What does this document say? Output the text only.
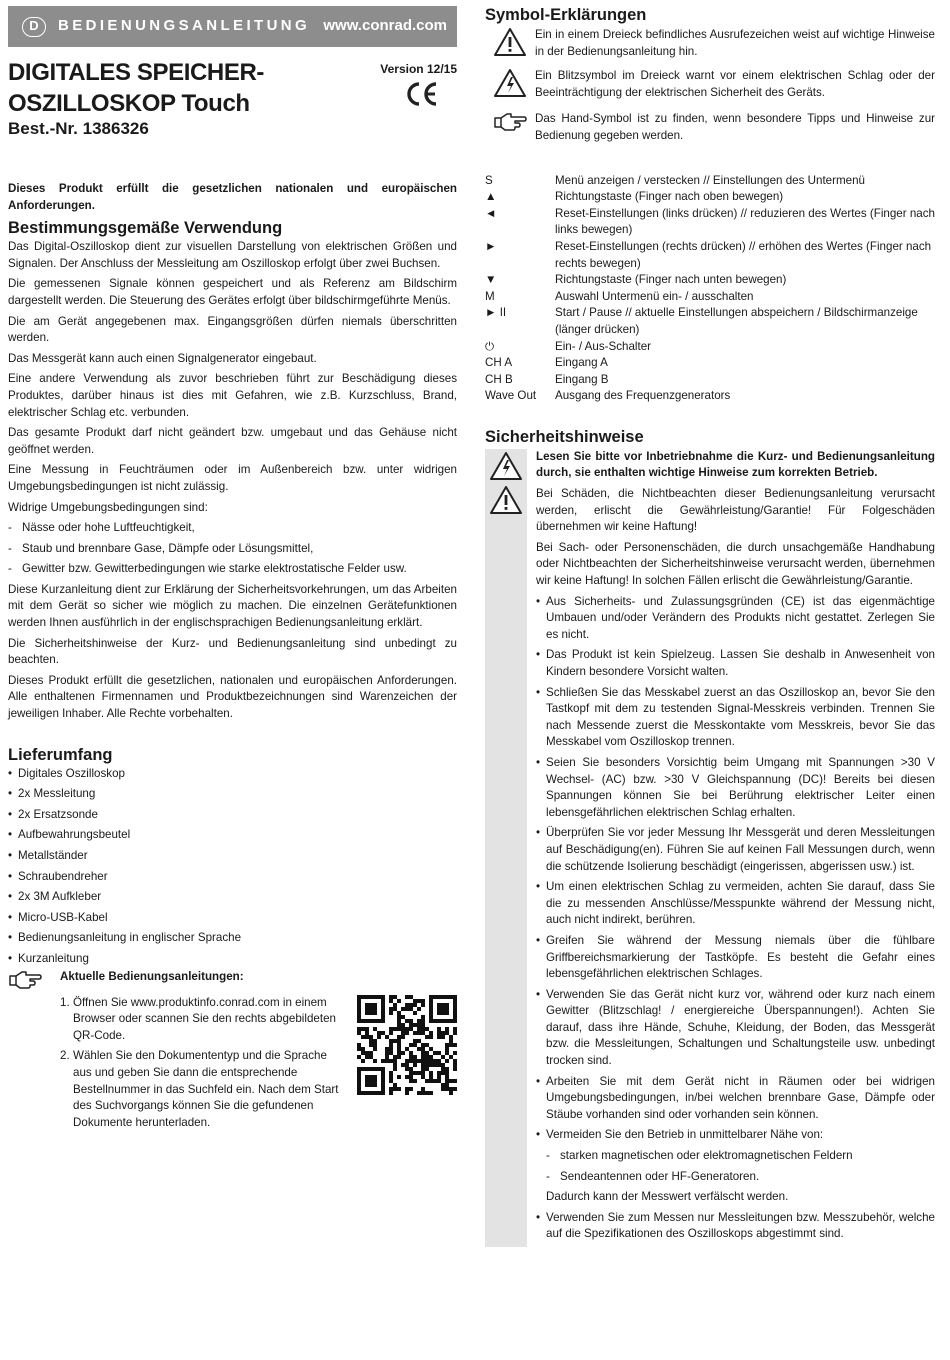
D	BEDIENUNGSANLEITUNG www.conrad.com
DIGITALES SPEICHER-
OSZILLOSKOP Touch
Best.-Nr. 1386326
Version 12/15

Dieses Produkt erfüllt die gesetzlichen nationalen und europäischen Anforderungen.

Bestimmungsgemäße Verwendung

Das Digital-Oszilloskop dient zur visuellen Darstellung von elektrischen Größen und Signalen. Der Anschluss der Messleitung am Oszilloskop erfolgt über zwei Buchsen.

Die gemessenen Signale können gespeichert und als Referenz am Bildschirm dargestellt werden. Die Steuerung des Gerätes erfolgt über bildschirmgeführte Menüs.

Die am Gerät angegebenen max. Eingangsgrößen dürfen niemals überschritten werden.

Das Messgerät kann auch einen Signalgenerator eingebaut.

Eine andere Verwendung als zuvor beschrieben führt zur Beschädigung dieses Produktes, darüber hinaus ist dies mit Gefahren, wie z.B. Kurzschluss, Brand, elektrischer Schlag etc. verbunden.

Das gesamte Produkt darf nicht geändert bzw. umgebaut und das Gehäuse nicht geöffnet werden.

Eine Messung in Feuchträumen oder im Außenbereich bzw. unter widrigen Umgebungsbedingungen ist nicht zulässig.

Widrige Umgebungsbedingungen sind:

- Nässe oder hohe Luftfeuchtigkeit,
- Staub und brennbare Gase, Dämpfe oder Lösungsmittel,
- Gewitter bzw. Gewitterbedingungen wie starke elektrostatische Felder usw.

Diese Kurzanleitung dient zur Erklärung der Sicherheitsvorkehrungen, um das Arbeiten mit dem Gerät so sicher wie möglich zu machen. Die einzelnen Gerätefunktionen werden Ihnen ausführlich in der englischsprachigen Bedienungsanleitung erklärt.

Die Sicherheitshinweise der Kurz- und Bedienungsanleitung sind unbedingt zu beachten.

Dieses Produkt erfüllt die gesetzlichen, nationalen und europäischen Anforderungen. Alle enthaltenen Firmennamen und Produktbezeichnungen sind Warenzeichen der jeweiligen Inhaber. Alle Rechte vorbehalten.

Lieferumfang
• Digitales Oszilloskop
• 2x Messleitung
• 2x Ersatzsonde
• Aufbewahrungsbeutel
• Metallständer
• Schraubendreher
• 2x 3M Aufkleber
• Micro-USB-Kabel
• Bedienungsanleitung in englischer Sprache
• Kurzanleitung
Aktuelle Bedienungsanleitungen:
1. Öffnen Sie www.produktinfo.conrad.com in einem Browser oder scannen Sie den rechts abgebildeten QR-Code.
2. Wählen Sie den Dokumententyp und die Sprache aus und geben Sie dann die entsprechende Bestellnummer in das Suchfeld ein. Nach dem Start des Suchvorgangs können Sie die gefundenen Dokumente herunterladen.
Symbol-Erklärungen

Ein in einem Dreieck befindliches Ausrufezeichen weist auf wichtige Hinweise in der Bedienungsanleitung hin.

Ein Blitzsymbol im Dreieck warnt vor einem elektrischen Schlag oder der Beeinträchtigung der elektrischen Sicherheit des Geräts.

Das Hand-Symbol ist zu finden, wenn besondere Tipps und Hinweise zur Bedienung gegeben werden.

S	Menü anzeigen / verstecken // Einstellungen des Untermenü
▲	Richtungstaste (Finger nach oben bewegen)
◄	Reset-Einstellungen (links drücken) // reduzieren des Wertes (Finger nach links bewegen)
►	Reset-Einstellungen (rechts drücken) // erhöhen des Wertes (Finger nach rechts bewegen)
▼	Richtungstaste (Finger nach unten bewegen)
M	Auswahl Untermenü ein- / ausschalten
► II	Start / Pause // aktuelle Einstellungen abspeichern / Bildschirmanzeige (länger drücken)
⏻	Ein- / Aus-Schalter
CH A	Eingang A
CH B	Eingang B
Wave Out	Ausgang des Frequenzgenerators
Sicherheitshinweise

Lesen Sie bitte vor Inbetriebnahme die Kurz- und Bedienungsanleitung durch, sie enthalten wichtige Hinweise zum korrekten Betrieb.

Bei Schäden, die Nichtbeachten dieser Bedienungsanleitung verursacht werden, erlischt die Gewährleistung/Garantie! Für Folgeschäden übernehmen wir keine Haftung!

Bei Sach- oder Personenschäden, die durch unsachgemäße Handhabung oder Nichtbeachten der Sicherheitshinweise verursacht werden, übernehmen wir keine Haftung! In solchen Fällen erlischt die Gewährleistung/Garantie.

• Aus Sicherheits- und Zulassungsgründen (CE) ist das eigenmächtige Umbauen und/oder Verändern des Produkts nicht gestattet. Zerlegen Sie es nicht.
• Das Produkt ist kein Spielzeug. Lassen Sie deshalb in Anwesenheit von Kindern besondere Vorsicht walten.
• Schließen Sie das Messkabel zuerst an das Oszilloskop an, bevor Sie den Tastkopf mit dem zu testenden Signal-Messkreis verbinden. Trennen Sie nach Messende zuerst die Messkontakte vom Messkreis, bevor Sie das Messkabel vom Oszilloskop trennen.
• Seien Sie besonders Vorsichtig beim Umgang mit Spannungen >30 V Wechsel- (AC) bzw. >30 V Gleichspannung (DC)! Bereits bei diesen Spannungen können Sie bei Berührung elektrischer Leiter einen lebensgefährlichen elektrischen Schlag erhalten.
• Überprüfen Sie vor jeder Messung Ihr Messgerät und deren Messleitungen auf Beschädigung(en). Führen Sie auf keinen Fall Messungen durch, wenn die schützende Isolierung beschädigt (eingerissen, abgerissen usw.) ist.
• Um einen elektrischen Schlag zu vermeiden, achten Sie darauf, dass Sie die zu messenden Anschlüsse/Messpunkte während der Messung nicht, auch nicht indirekt, berühren.
• Greifen Sie während der Messung niemals über die fühlbare Griffbereichsmarkierung der Tastköpfe. Es besteht die Gefahr eines lebensgefährlichen elektrischen Schlages.
• Verwenden Sie das Gerät nicht kurz vor, während oder kurz nach einem Gewitter (Blitzschlag! / energiereiche Überspannungen!). Achten Sie darauf, dass ihre Hände, Schuhe, Kleidung, der Boden, das Messgerät bzw. die Messleitungen, Schaltungen und Schaltungsteile usw. unbedingt trocken sind.
• Arbeiten Sie mit dem Gerät nicht in Räumen oder bei widrigen Umgebungsbedingungen, in/bei welchen brennbare Gase, Dämpfe oder Stäube vorhanden sind oder vorhanden sein können.
• Vermeiden Sie den Betrieb in unmittelbarer Nähe von:
- starken magnetischen oder elektromagnetischen Feldern
- Sendeantennen oder HF-Generatoren.

Dadurch kann der Messwert verfälscht werden.

• Verwenden Sie zum Messen nur Messleitungen bzw. Messzubehör, welche auf die Spezifikationen des Oszilloskops abgestimmt sind.
